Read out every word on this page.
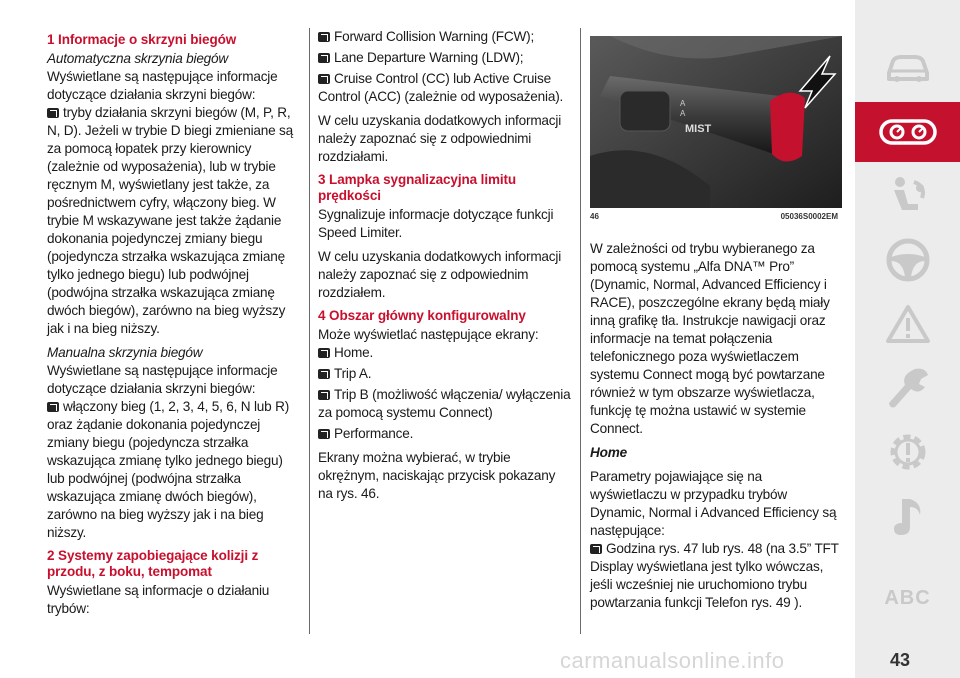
1 Informacje o skrzyni biegów

Automatyczna skrzynia biegów

Wyświetlane są następujące informacje dotyczące działania skrzyni biegów:

tryby działania skrzyni biegów (M, P, R, N, D). Jeżeli w trybie D biegi zmieniane są za pomocą łopatek przy kierownicy (zależnie od wyposażenia), lub w trybie ręcznym M, wyświetlany jest także, za pośrednictwem cyfry, włączony bieg. W trybie M wskazywane jest także żądanie dokonania pojedynczej zmiany biegu (pojedyncza strzałka wskazująca zmianę tylko jednego biegu) lub podwójnej (podwójna strzałka wskazująca zmianę dwóch biegów), zarówno na bieg wyższy jak i na bieg niższy.

Manualna skrzynia biegów

Wyświetlane są następujące informacje dotyczące działania skrzyni biegów:

włączony bieg (1, 2, 3, 4, 5, 6, N lub R) oraz żądanie dokonania pojedynczej zmiany biegu (pojedyncza strzałka wskazująca zmianę tylko jednego biegu) lub podwójnej (podwójna strzałka wskazująca zmianę dwóch biegów), zarówno na bieg wyższy jak i na bieg niższy.

2 Systemy zapobiegające kolizji z przodu, z boku, tempomat

Wyświetlane są informacje o działaniu trybów:

Forward Collision Warning (FCW);
Lane Departure Warning (LDW);
Cruise Control (CC) lub Active Cruise Control (ACC) (zależnie od wyposażenia).

W celu uzyskania dodatkowych informacji należy zapoznać się z odpowiednimi rozdziałami.

3 Lampka sygnalizacyjna limitu prędkości

Sygnalizuje informacje dotyczące funkcji Speed Limiter.

W celu uzyskania dodatkowych informacji należy zapoznać się z odpowiednim rozdziałem.

4 Obszar główny konfigurowalny

Może wyświetlać następujące ekrany:

Home.
Trip A.
Trip B (możliwość włączenia/ wyłączenia za pomocą systemu Connect)
Performance.

Ekrany można wybierać, w trybie okrężnym, naciskając przycisk pokazany na rys. 46.

MIST
A
A
46	05036S0002EM

W zależności od trybu wybieranego za pomocą systemu „Alfa DNA™ Pro” (Dynamic, Normal, Advanced Efficiency i RACE), poszczególne ekrany będą miały inną grafikę tła. Instrukcje nawigacji oraz informacje na temat połączenia telefonicznego poza wyświetlaczem systemu Connect mogą być powtarzane również w tym obszarze wyświetlacza, funkcję tę można ustawić w systemie Connect.

Home

Parametry pojawiające się na wyświetlaczu w przypadku trybów Dynamic, Normal i Advanced Efficiency są następujące:

Godzina rys. 47 lub rys. 48 (na 3.5” TFT Display wyświetlana jest tylko wówczas, jeśli wcześniej nie uruchomiono trybu powtarzania funkcji Telefon rys. 49 ).	ABC
carmanualsonline.info	43
